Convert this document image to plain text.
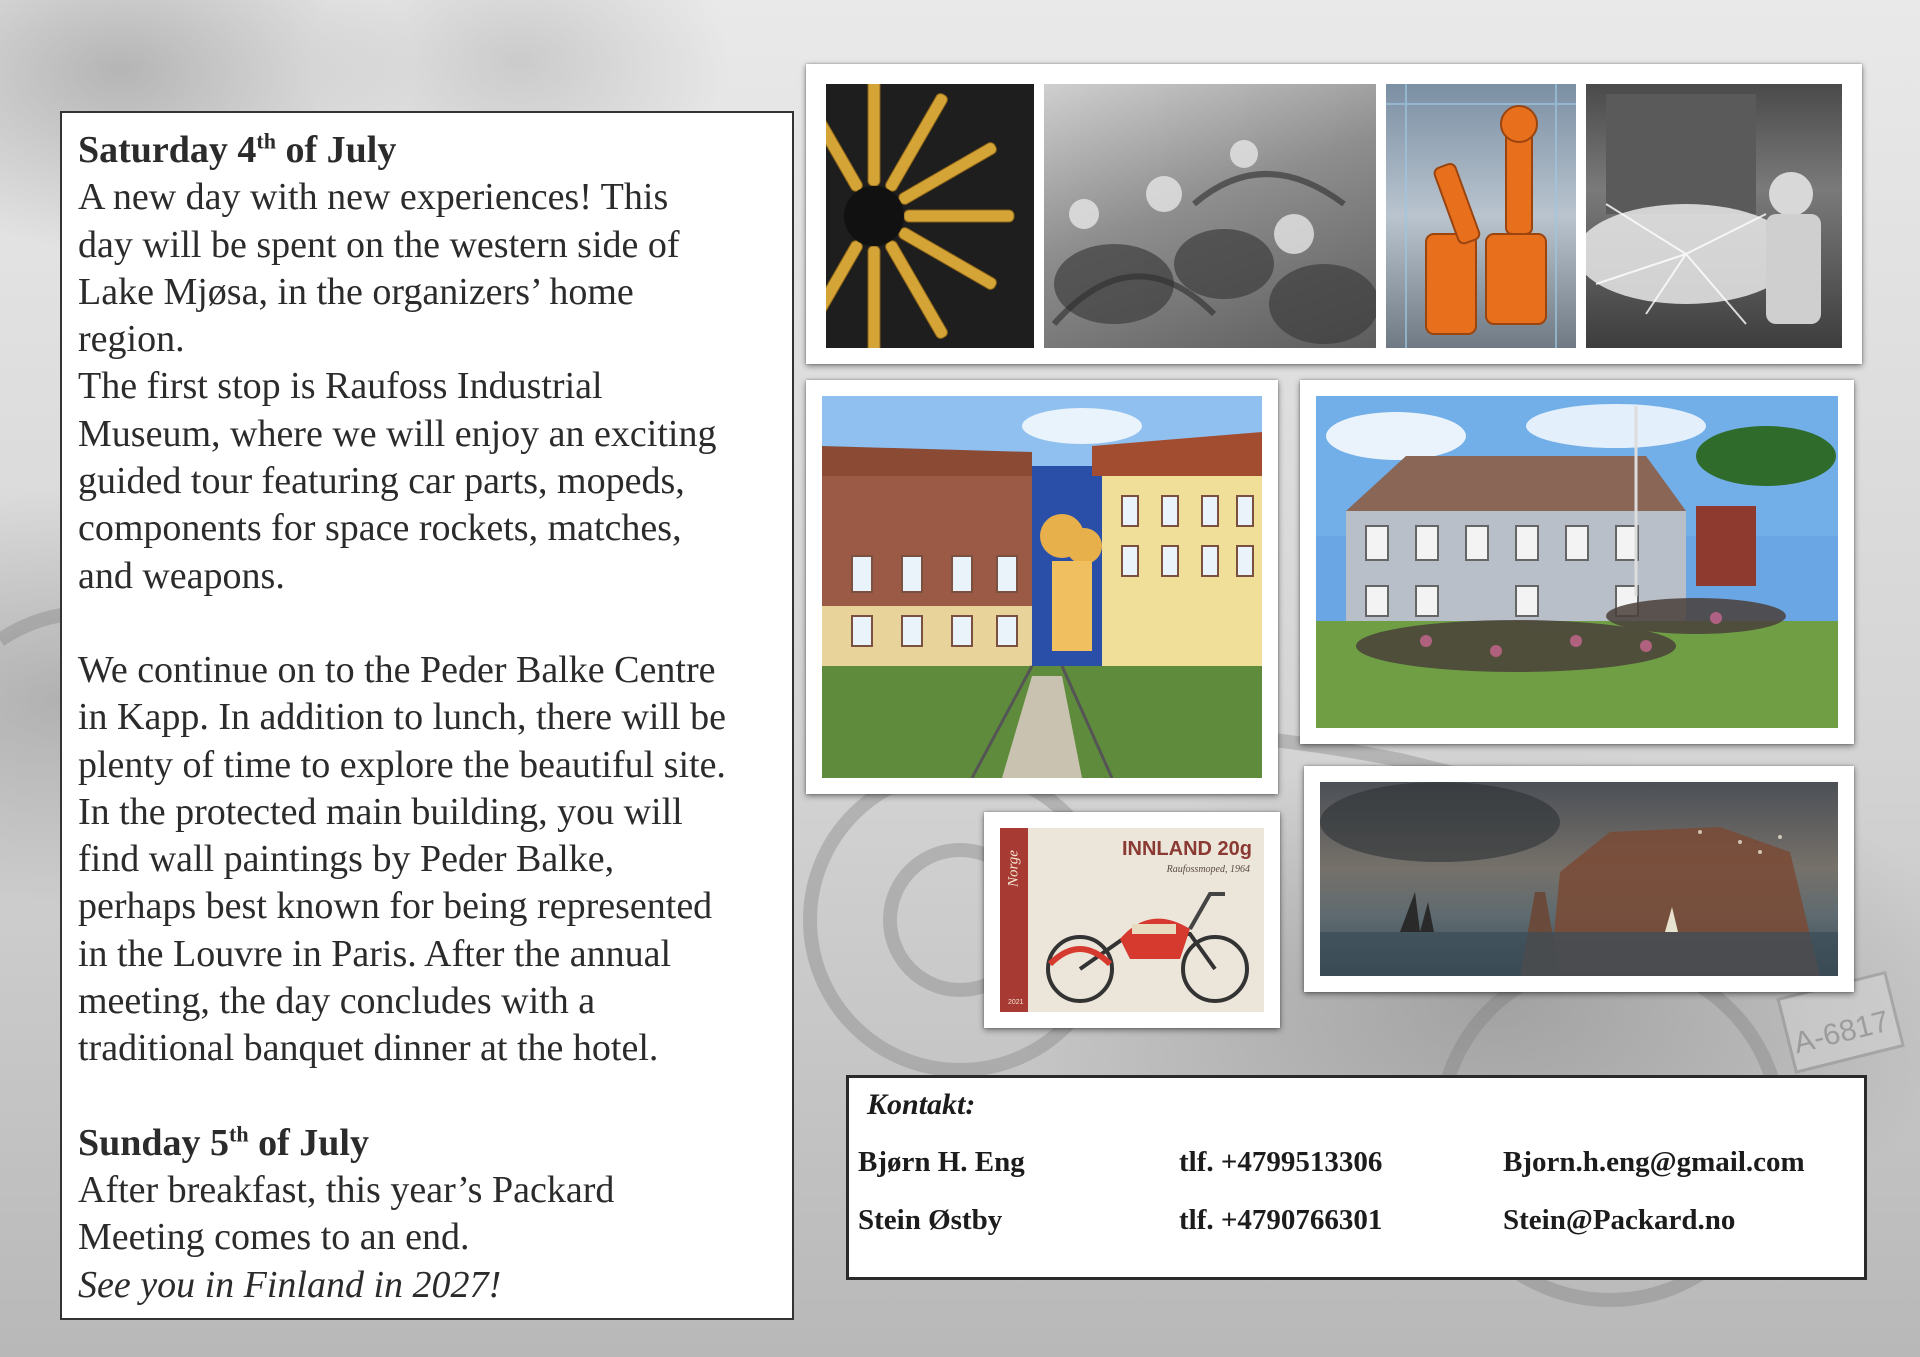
A-6817

Saturday 4th of July

A new day with new experiences! This

day will be spent on the western side of

Lake Mjøsa, in the organizers’ home

region.

The first stop is Raufoss Industrial

Museum, where we will enjoy an exciting

guided tour featuring car parts, mopeds,

components for space rockets, matches,

and weapons.

We continue on to the Peder Balke Centre

in Kapp. In addition to lunch, there will be

plenty of time to explore the beautiful site.

In the protected main building, you will

find wall paintings by Peder Balke,

perhaps best known for being represented

in the Louvre in Paris. After the annual

meeting, the day concludes with a

traditional banquet dinner at the hotel.

Sunday 5th of July

After breakfast, this year’s Packard

Meeting comes to an end.

See you in Finland in 2027!

Norge
INNLAND 20g
Raufossmoped, 1964
2021
Kontakt:
Bjørn H. Eng	tlf. +4799513306	Bjorn.h.eng@gmail.com
Stein Østby	tlf. +4790766301	Stein@Packard.no
